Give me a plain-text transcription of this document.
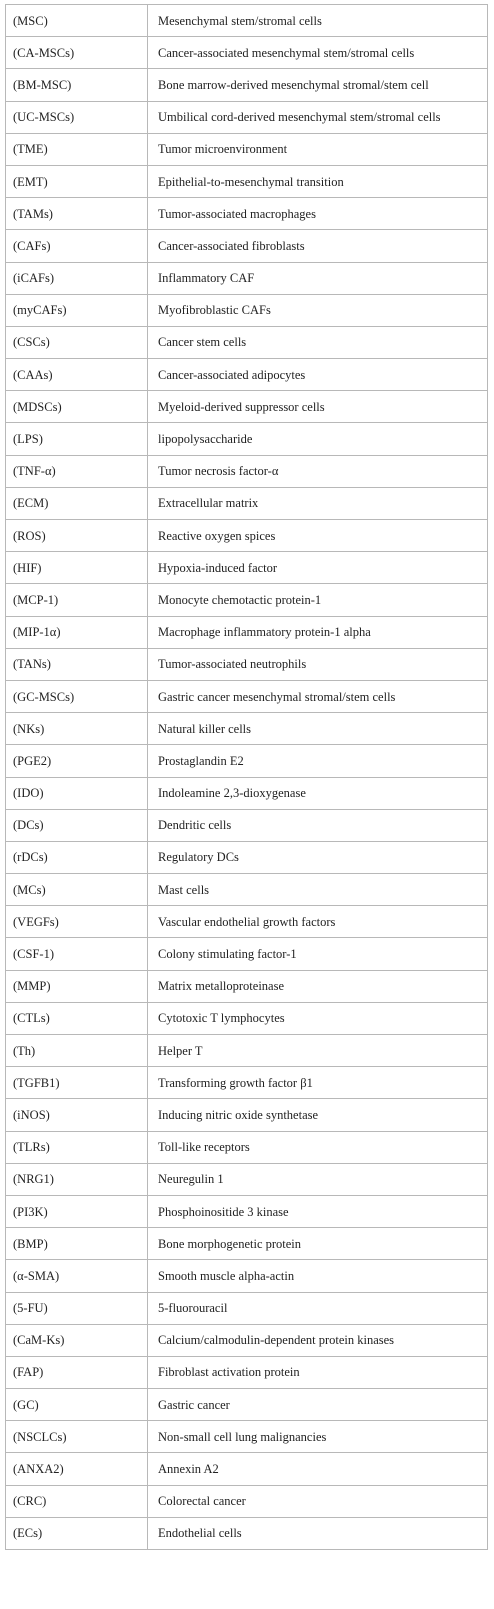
(MSC)	Mesenchymal stem/stromal cells
(CA-MSCs)	Cancer-associated mesenchymal stem/stromal cells
(BM-MSC)	Bone marrow-derived mesenchymal stromal/stem cell
(UC-MSCs)	Umbilical cord-derived mesenchymal stem/stromal cells
(TME)	Tumor microenvironment
(EMT)	Epithelial-to-mesenchymal transition
(TAMs)	Tumor-associated macrophages
(CAFs)	Cancer-associated fibroblasts
(iCAFs)	Inflammatory CAF
(myCAFs)	Myofibroblastic CAFs
(CSCs)	Cancer stem cells
(CAAs)	Cancer-associated adipocytes
(MDSCs)	Myeloid-derived suppressor cells
(LPS)	lipopolysaccharide
(TNF-α)	Tumor necrosis factor-α
(ECM)	Extracellular matrix
(ROS)	Reactive oxygen spices
(HIF)	Hypoxia-induced factor
(MCP-1)	Monocyte chemotactic protein-1
(MIP-1α)	Macrophage inflammatory protein-1 alpha
(TANs)	Tumor-associated neutrophils
(GC-MSCs)	Gastric cancer mesenchymal stromal/stem cells
(NKs)	Natural killer cells
(PGE2)	Prostaglandin E2
(IDO)	Indoleamine 2,3-dioxygenase
(DCs)	Dendritic cells
(rDCs)	Regulatory DCs
(MCs)	Mast cells
(VEGFs)	Vascular endothelial growth factors
(CSF-1)	Colony stimulating factor-1
(MMP)	Matrix metalloproteinase
(CTLs)	Cytotoxic T lymphocytes
(Th)	Helper T
(TGFB1)	Transforming growth factor β1
(iNOS)	Inducing nitric oxide synthetase
(TLRs)	Toll-like receptors
(NRG1)	Neuregulin 1
(PI3K)	Phosphoinositide 3 kinase
(BMP)	Bone morphogenetic protein
(α-SMA)	Smooth muscle alpha-actin
(5-FU)	5-fluorouracil
(CaM-Ks)	Calcium/calmodulin-dependent protein kinases
(FAP)	Fibroblast activation protein
(GC)	Gastric cancer
(NSCLCs)	Non-small cell lung malignancies
(ANXA2)	Annexin A2
(CRC)	Colorectal cancer
(ECs)	Endothelial cells
